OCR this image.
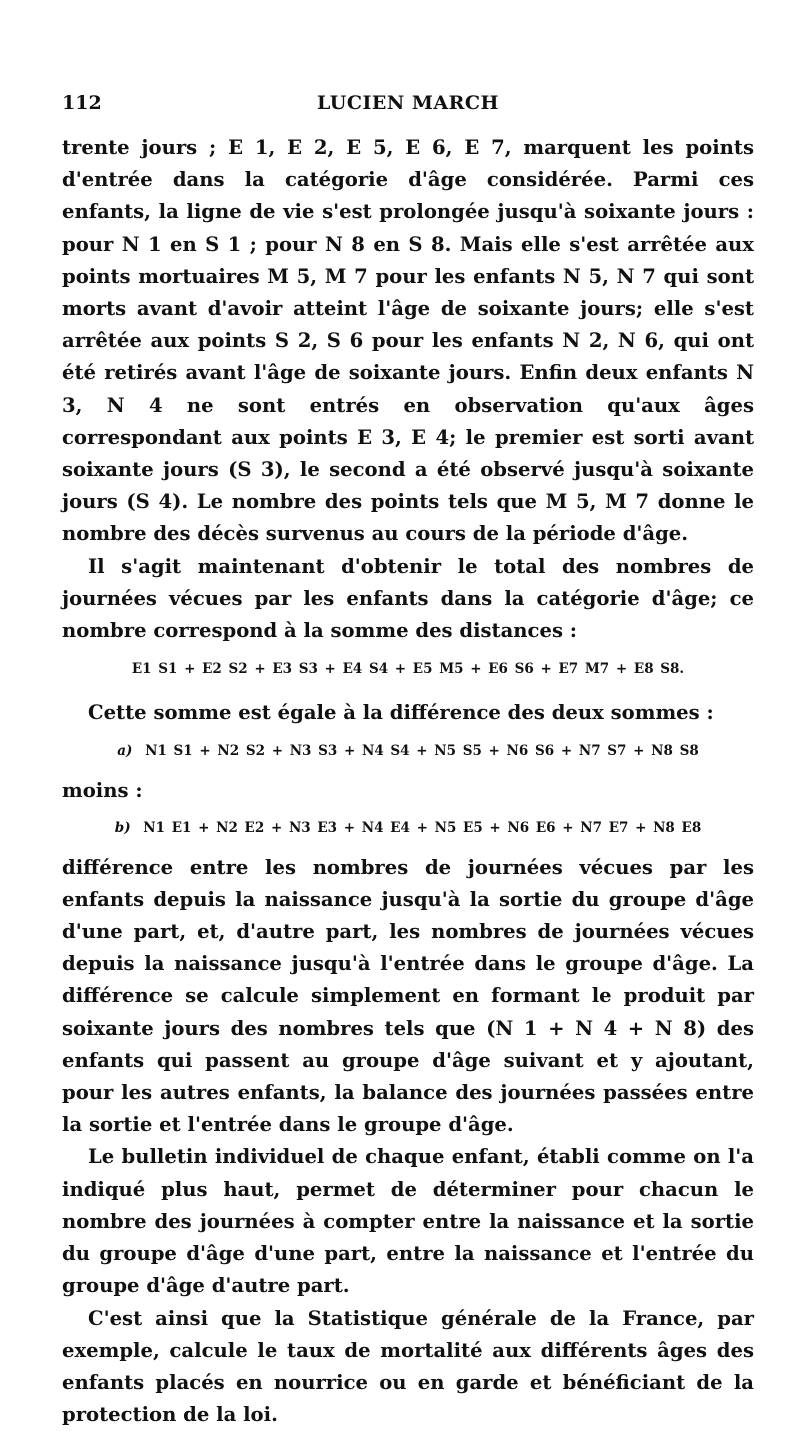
112	LUCIEN MARCH

trente jours ; E 1, E 2, E 5, E 6, E 7, marquent les points d'entrée dans la catégorie d'âge considérée. Parmi ces enfants, la ligne de vie s'est prolongée jusqu'à soixante jours : pour N 1 en S 1 ; pour N 8 en S 8. Mais elle s'est arrêtée aux points mortuaires M 5, M 7 pour les enfants N 5, N 7 qui sont morts avant d'avoir atteint l'âge de soixante jours; elle s'est arrêtée aux points S 2, S 6 pour les enfants N 2, N 6, qui ont été retirés avant l'âge de soixante jours. Enfin deux enfants N 3, N 4 ne sont entrés en observation qu'aux âges correspondant aux points E 3, E 4; le premier est sorti avant soixante jours (S 3), le second a été observé jusqu'à soixante jours (S 4). Le nombre des points tels que M 5, M 7 donne le nombre des décès survenus au cours de la période d'âge.

Il s'agit maintenant d'obtenir le total des nombres de journées vécues par les enfants dans la catégorie d'âge; ce nombre correspond à la somme des distances :

E1 S1 + E2 S2 + E3 S3 + E4 S4 + E5 M5 + E6 S6 + E7 M7 + E8 S8.

Cette somme est égale à la différence des deux sommes :

a) N1 S1 + N2 S2 + N3 S3 + N4 S4 + N5 S5 + N6 S6 + N7 S7 + N8 S8

moins :

b) N1 E1 + N2 E2 + N3 E3 + N4 E4 + N5 E5 + N6 E6 + N7 E7 + N8 E8

différence entre les nombres de journées vécues par les enfants depuis la naissance jusqu'à la sortie du groupe d'âge d'une part, et, d'autre part, les nombres de journées vécues depuis la naissance jusqu'à l'entrée dans le groupe d'âge. La différence se calcule simplement en formant le produit par soixante jours des nombres tels que (N 1 + N 4 + N 8) des enfants qui passent au groupe d'âge suivant et y ajoutant, pour les autres enfants, la balance des journées passées entre la sortie et l'entrée dans le groupe d'âge.

Le bulletin individuel de chaque enfant, établi comme on l'a indiqué plus haut, permet de déterminer pour chacun le nombre des journées à compter entre la naissance et la sortie du groupe d'âge d'une part, entre la naissance et l'entrée du groupe d'âge d'autre part.

C'est ainsi que la Statistique générale de la France, par exemple, calcule le taux de mortalité aux différents âges des enfants placés en nourrice ou en garde et bénéficiant de la protection de la loi.
